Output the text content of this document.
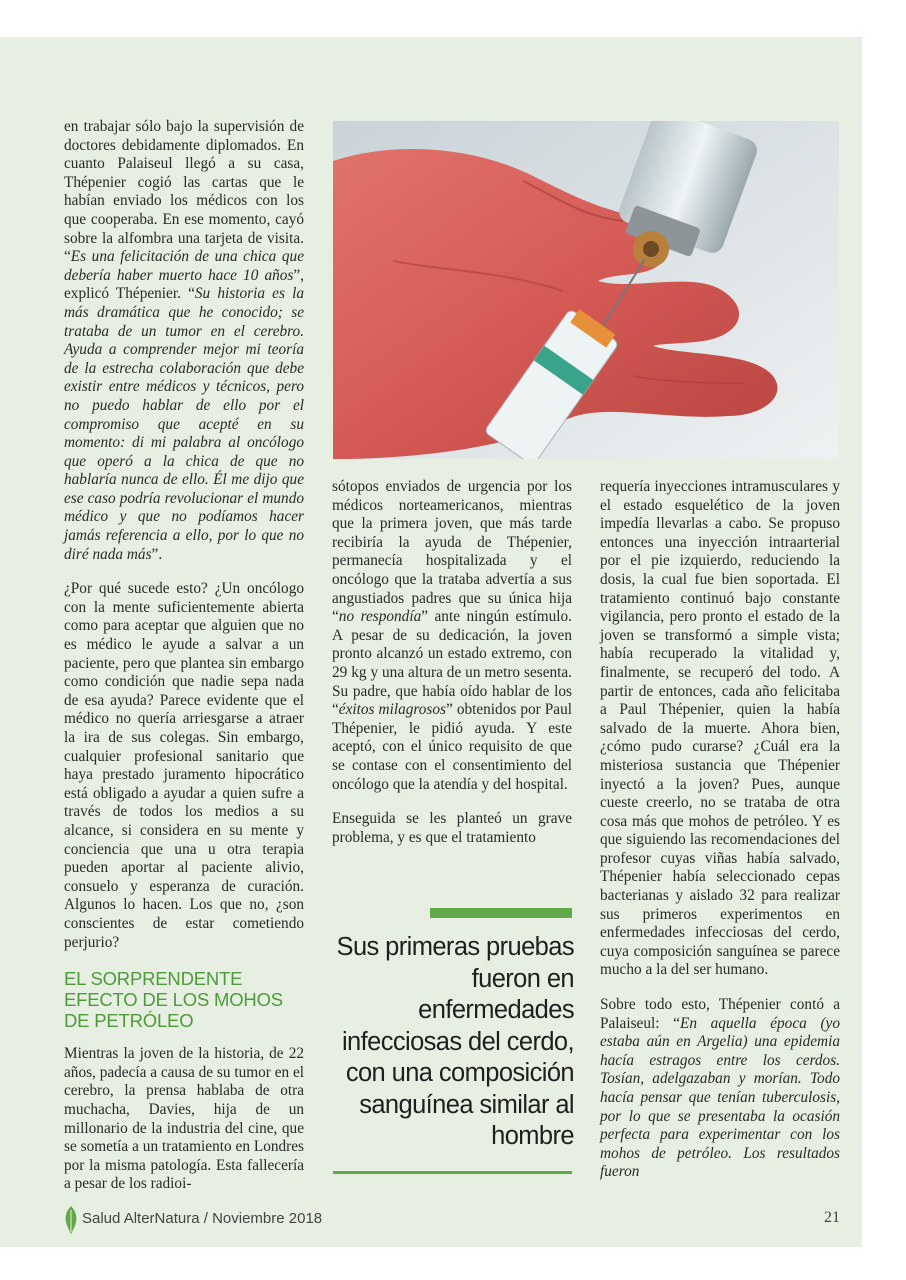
en trabajar sólo bajo la supervisión de doctores debidamente diplomados. En cuanto Palaiseul llegó a su casa, Thépenier cogió las cartas que le habían enviado los médicos con los que cooperaba. En ese momento, cayó sobre la alfombra una tarjeta de visita. “Es una felicitación de una chica que debería haber muerto hace 10 años”, explicó Thépenier. “Su historia es la más dramática que he conocido; se trataba de un tumor en el cerebro. Ayuda a comprender mejor mi teoría de la estrecha colaboración que debe existir entre médicos y técnicos, pero no puedo hablar de ello por el compromiso que acepté en su momento: di mi palabra al oncólogo que operó a la chica de que no hablaría nunca de ello. Él me dijo que ese caso podría revolucionar el mundo médico y que no podíamos hacer jamás referencia a ello, por lo que no diré nada más”.

¿Por qué sucede esto? ¿Un oncólogo con la mente suficientemente abierta como para aceptar que alguien que no es médico le ayude a salvar a un paciente, pero que plantea sin embargo como condición que nadie sepa nada de esa ayuda? Parece evidente que el médico no quería arriesgarse a atraer la ira de sus colegas. Sin embargo, cualquier profesional sanitario que haya prestado juramento hipocrático está obligado a ayudar a quien sufre a través de todos los medios a su alcance, si considera en su mente y conciencia que una u otra terapia pueden aportar al paciente alivio, consuelo y esperanza de curación. Algunos lo hacen. Los que no, ¿son conscientes de estar cometiendo perjurio?

EL SORPRENDENTE EFECTO DE LOS MOHOS DE PETRÓLEO

Mientras la joven de la historia, de 22 años, padecía a causa de su tumor en el cerebro, la prensa hablaba de otra muchacha, Davies, hija de un millonario de la industria del cine, que se sometía a un tratamiento en Londres por la misma patología. Esta fallecería a pesar de los radioi-

sótopos enviados de urgencia por los médicos norteamericanos, mientras que la primera joven, que más tarde recibiría la ayuda de Thépenier, permanecía hospitalizada y el oncólogo que la trataba advertía a sus angustiados padres que su única hija “no respondía” ante ningún estímulo. A pesar de su dedicación, la joven pronto alcanzó un estado extremo, con 29 kg y una altura de un metro sesenta. Su padre, que había oído hablar de los “éxitos milagrosos” obtenidos por Paul Thépenier, le pidió ayuda. Y este aceptó, con el único requisito de que se contase con el consentimiento del oncólogo que la atendía y del hospital.

Enseguida se les planteó un grave problema, y es que el tratamiento

Sus primeras pruebas fueron en enfermedades infecciosas del cerdo, con una composición sanguínea similar al hombre

requería inyecciones intramusculares y el estado esquelético de la joven impedía llevarlas a cabo. Se propuso entonces una inyección intraarterial por el pie izquierdo, reduciendo la dosis, la cual fue bien soportada. El tratamiento continuó bajo constante vigilancia, pero pronto el estado de la joven se transformó a simple vista; había recuperado la vitalidad y, finalmente, se recuperó del todo. A partir de entonces, cada año felicitaba a Paul Thépenier, quien la había salvado de la muerte. Ahora bien, ¿cómo pudo curarse? ¿Cuál era la misteriosa sustancia que Thépenier inyectó a la joven? Pues, aunque cueste creerlo, no se trataba de otra cosa más que mohos de petróleo. Y es que siguiendo las recomendaciones del profesor cuyas viñas había salvado, Thépenier había seleccionado cepas bacterianas y aislado 32 para realizar sus primeros experimentos en enfermedades infecciosas del cerdo, cuya composición sanguínea se parece mucho a la del ser humano.

Sobre todo esto, Thépenier contó a Palaiseul: “En aquella época (yo estaba aún en Argelia) una epidemia hacía estragos entre los cerdos. Tosían, adelgazaban y morían. Todo hacía pensar que tenían tuberculosis, por lo que se presentaba la ocasión perfecta para experimentar con los mohos de petróleo. Los resultados fueron

Salud AlterNatura / Noviembre 2018	21
